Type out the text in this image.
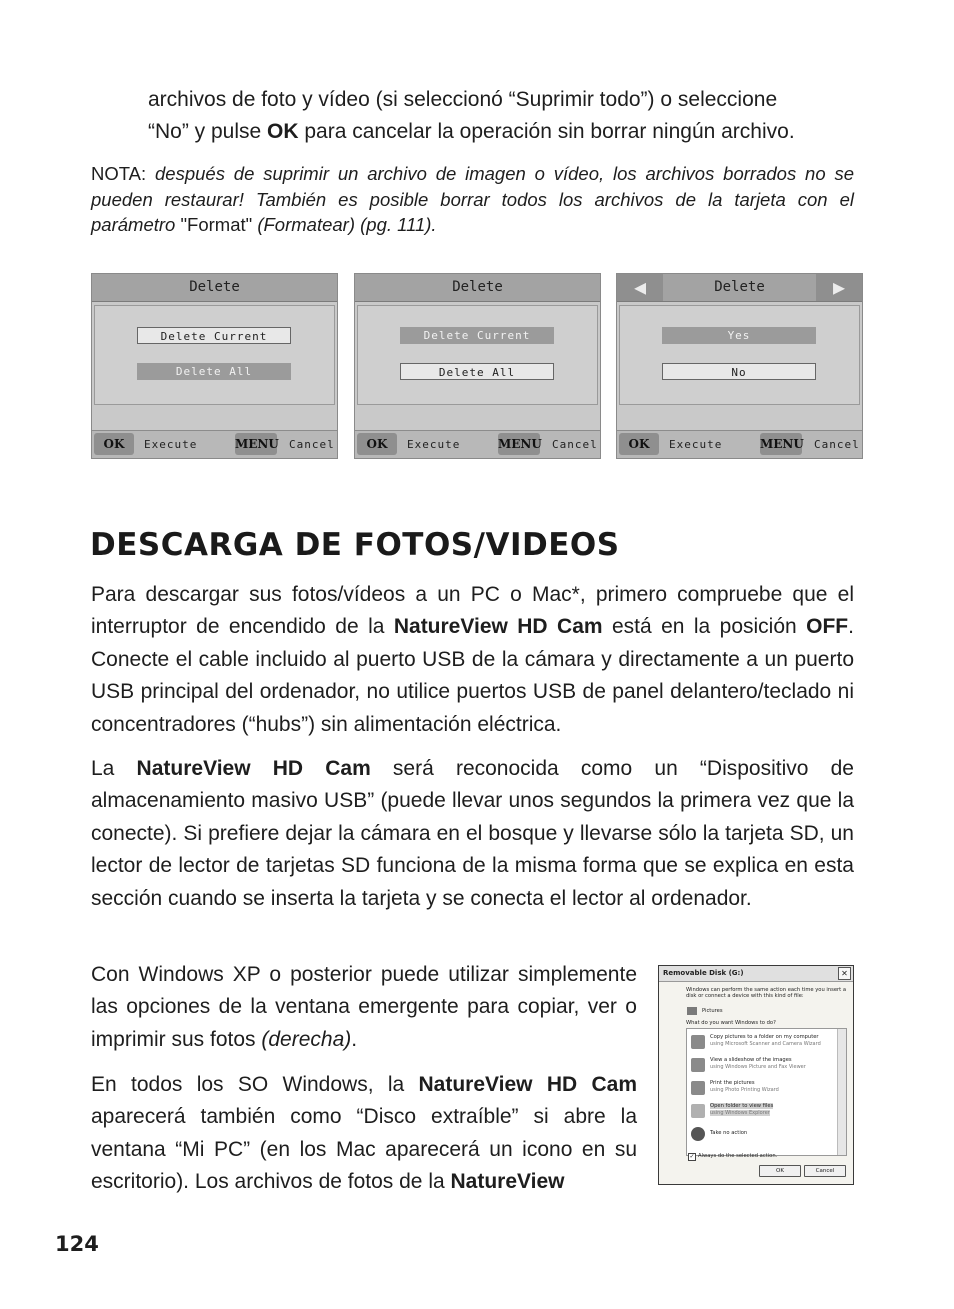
archivos de foto y vídeo (si seleccionó “Suprimir todo”) o seleccione
“No” y pulse OK para cancelar la operación sin borrar ningún archivo.
NOTA: después de suprimir un archivo de imagen o vídeo, los archivos borrados no se pueden restaurar! También es posible borrar todos los archivos de la tarjeta con el parámetro "Format" (Formatear) (pg. 111).
Delete
Delete Current
Delete All
OK	Execute	MENU Cancel
Delete
Delete Current
Delete All
OK	Execute	MENU Cancel
Delete
◀	▶
Yes
No
OK	Execute	MENU Cancel
DESCARGA DE FOTOS/VIDEOS
Para descargar sus fotos/vídeos a un PC o Mac*, primero compruebe que el interruptor de encendido de la NatureView HD Cam está en la posición OFF. Conecte el cable incluido al puerto USB de la cámara y directamente a un puerto USB principal del ordenador, no utilice puertos USB de panel delantero/teclado ni concentradores (“hubs”) sin alimentación eléctrica.
La NatureView HD Cam será reconocida como un “Dispositivo de almacenamiento masivo USB” (puede llevar unos segundos la primera vez que la conecte). Si prefiere dejar la cámara en el bosque y llevarse sólo la tarjeta SD, un lector de lector de tarjetas SD funciona de la misma forma que se explica en esta sección cuando se inserta la tarjeta y se conecta el lector al ordenador.
Con Windows XP o posterior puede utilizar simplemente las opciones de la ventana emergente para copiar, ver o imprimir sus fotos (derecha).
En todos los SO Windows, la NatureView HD Cam aparecerá también como “Disco extraíble” si abre la ventana “Mi PC” (en los Mac aparecerá un icono en su escritorio). Los archivos de fotos de la NatureView
Removable Disk (G:)	✕
Windows can perform the same action each time you insert a disk or connect a device with this kind of file:
Pictures
What do you want Windows to do?
Copy pictures to a folder on my computer
using Microsoft Scanner and Camera Wizard
View a slideshow of the images
using Windows Picture and Fax Viewer
Print the pictures
using Photo Printing Wizard
Open folder to view files
using Windows Explorer
Take no action
✓ Always do the selected action.
OK	Cancel
124
